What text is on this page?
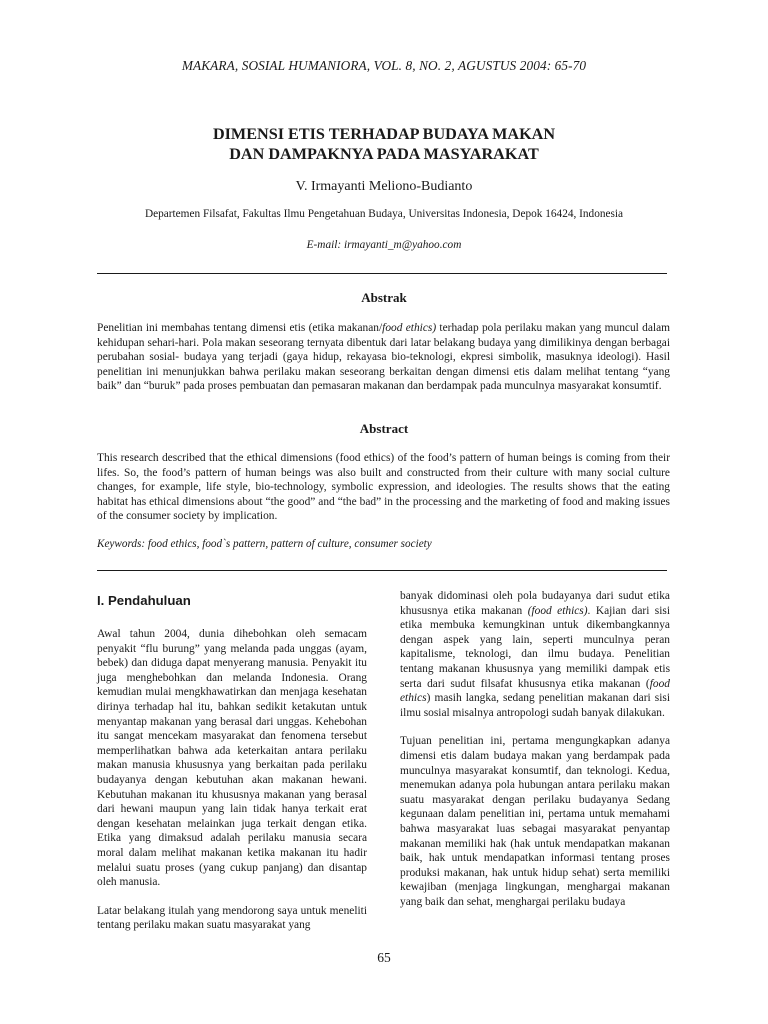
MAKARA, SOSIAL HUMANIORA, VOL. 8, NO. 2, AGUSTUS 2004: 65-70
DIMENSI ETIS TERHADAP BUDAYA MAKAN
DAN DAMPAKNYA PADA MASYARAKAT
V. Irmayanti Meliono-Budianto
Departemen Filsafat, Fakultas Ilmu Pengetahuan Budaya, Universitas Indonesia, Depok 16424, Indonesia
E-mail: irmayanti_m@yahoo.com
Abstrak

Penelitian ini membahas tentang dimensi etis (etika makanan/food ethics) terhadap pola perilaku makan yang muncul dalam kehidupan sehari-hari. Pola makan seseorang ternyata dibentuk dari latar belakang budaya yang dimilikinya dengan berbagai perubahan sosial- budaya yang terjadi (gaya hidup, rekayasa bio-teknologi, ekpresi simbolik, masuknya ideologi). Hasil penelitian ini menunjukkan bahwa perilaku makan seseorang berkaitan dengan dimensi etis dalam melihat tentang “yang baik” dan “buruk” pada proses pembuatan dan pemasaran makanan dan berdampak pada munculnya masyarakat konsumtif.

Abstract

This research described that the ethical dimensions (food ethics) of the food’s pattern of human beings is coming from their lifes. So, the food’s pattern of human beings was also built and constructed from their culture with many social culture changes, for example, life style, bio-technology, symbolic expression, and ideologies. The results shows that the eating habitat has ethical dimensions about “the good” and “the bad” in the processing and the marketing of food and making issues of the consumer society by implication.

Keywords: food ethics, food`s pattern, pattern of culture, consumer society
I. Pendahuluan

Awal tahun 2004, dunia dihebohkan oleh semacam penyakit “flu burung” yang melanda pada unggas (ayam, bebek) dan diduga dapat menyerang manusia. Penyakit itu juga menghebohkan dan melanda Indonesia. Orang kemudian mulai mengkhawatirkan dan menjaga kesehatan dirinya terhadap hal itu, bahkan sedikit ketakutan untuk menyantap makanan yang berasal dari unggas. Kehebohan itu sangat mencekam masyarakat dan fenomena tersebut memperlihatkan bahwa ada keterkaitan antara perilaku makan manusia khususnya yang berkaitan pada perilaku budayanya dengan kebutuhan akan makanan hewani. Kebutuhan makanan itu khususnya makanan yang berasal dari hewani maupun yang lain tidak hanya terkait erat dengan kesehatan melainkan juga terkait dengan etika. Etika yang dimaksud adalah perilaku manusia secara moral dalam melihat makanan ketika makanan itu hadir melalui suatu proses (yang cukup panjang) dan disantap oleh manusia.

Latar belakang itulah yang mendorong saya untuk meneliti tentang perilaku makan suatu masyarakat yang

banyak didominasi oleh pola budayanya dari sudut etika khususnya etika makanan (food ethics). Kajian dari sisi etika membuka kemungkinan untuk dikembangkannya dengan aspek yang lain, seperti munculnya peran kapitalisme, teknologi, dan ilmu budaya. Penelitian tentang makanan khususnya yang memiliki dampak etis serta dari sudut filsafat khususnya etika makanan (food ethics) masih langka, sedang penelitian makanan dari sisi ilmu sosial misalnya antropologi sudah banyak dilakukan.

Tujuan penelitian ini, pertama mengungkapkan adanya dimensi etis dalam budaya makan yang berdampak pada munculnya masyarakat konsumtif, dan teknologi. Kedua, menemukan adanya pola hubungan antara perilaku makan suatu masyarakat dengan perilaku budayanya Sedang kegunaan dalam penelitian ini, pertama untuk memahami bahwa masyarakat luas sebagai masyarakat penyantap makanan memiliki hak (hak untuk mendapatkan makanan baik, hak untuk mendapatkan informasi tentang proses produksi makanan, hak untuk hidup sehat) serta memiliki kewajiban (menjaga lingkungan, menghargai makanan yang baik dan sehat, menghargai perilaku budaya

65
